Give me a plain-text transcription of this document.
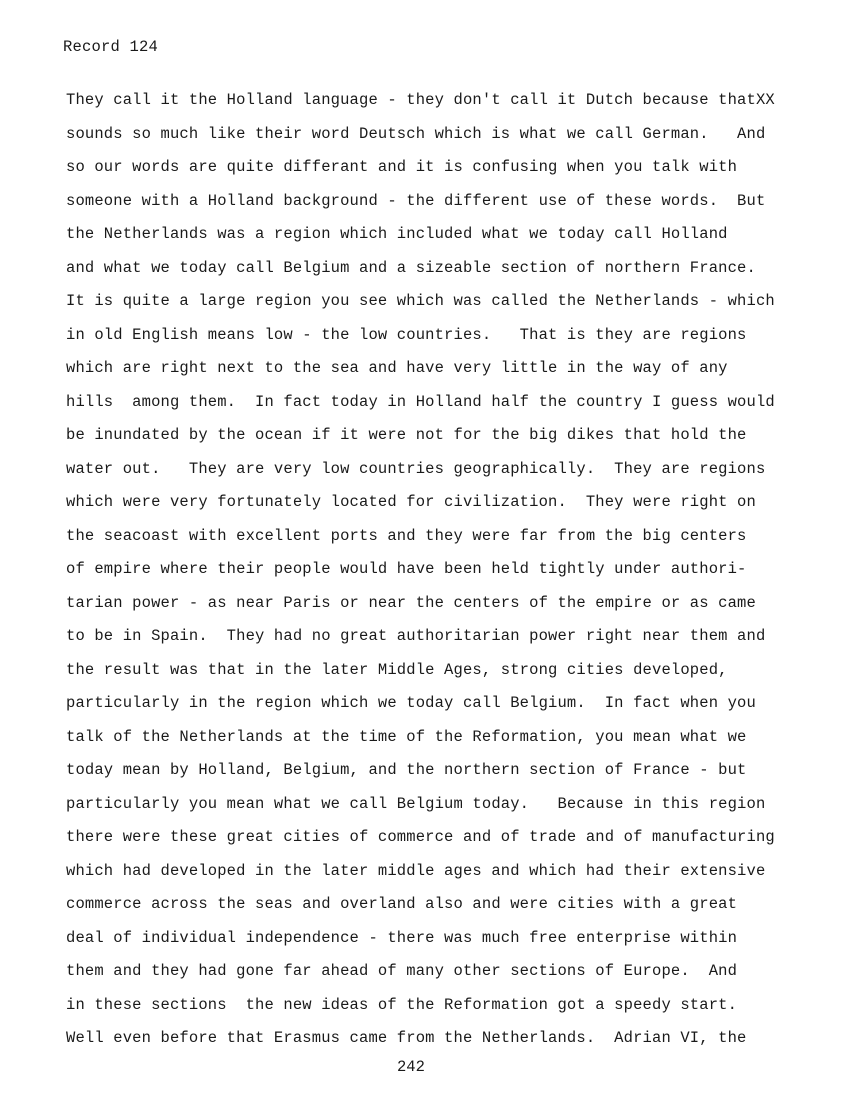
Record 124
They call it the Holland language - they don't call it Dutch because thatXX
sounds so much like their word Deutsch which is what we call German.   And
so our words are quite differant and it is confusing when you talk with
someone with a Holland background - the different use of these words.  But
the Netherlands was a region which included what we today call Holland
and what we today call Belgium and a sizeable section of northern France.
It is quite a large region you see which was called the Netherlands - which
in old English means low - the low countries.   That is they are regions
which are right next to the sea and have very little in the way of any
hills  among them.  In fact today in Holland half the country I guess would
be inundated by the ocean if it were not for the big dikes that hold the
water out.   They are very low countries geographically.  They are regions
which were very fortunately located for civilization.  They were right on
the seacoast with excellent ports and they were far from the big centers
of empire where their people would have been held tightly under authori-
tarian power - as near Paris or near the centers of the empire or as came
to be in Spain.  They had no great authoritarian power right near them and
the result was that in the later Middle Ages, strong cities developed,
particularly in the region which we today call Belgium.  In fact when you
talk of the Netherlands at the time of the Reformation, you mean what we
today mean by Holland, Belgium, and the northern section of France - but
particularly you mean what we call Belgium today.   Because in this region
there were these great cities of commerce and of trade and of manufacturing
which had developed in the later middle ages and which had their extensive
commerce across the seas and overland also and were cities with a great
deal of individual independence - there was much free enterprise within
them and they had gone far ahead of many other sections of Europe.  And
in these sections  the new ideas of the Reformation got a speedy start.
Well even before that Erasmus came from the Netherlands.  Adrian VI, the
242
